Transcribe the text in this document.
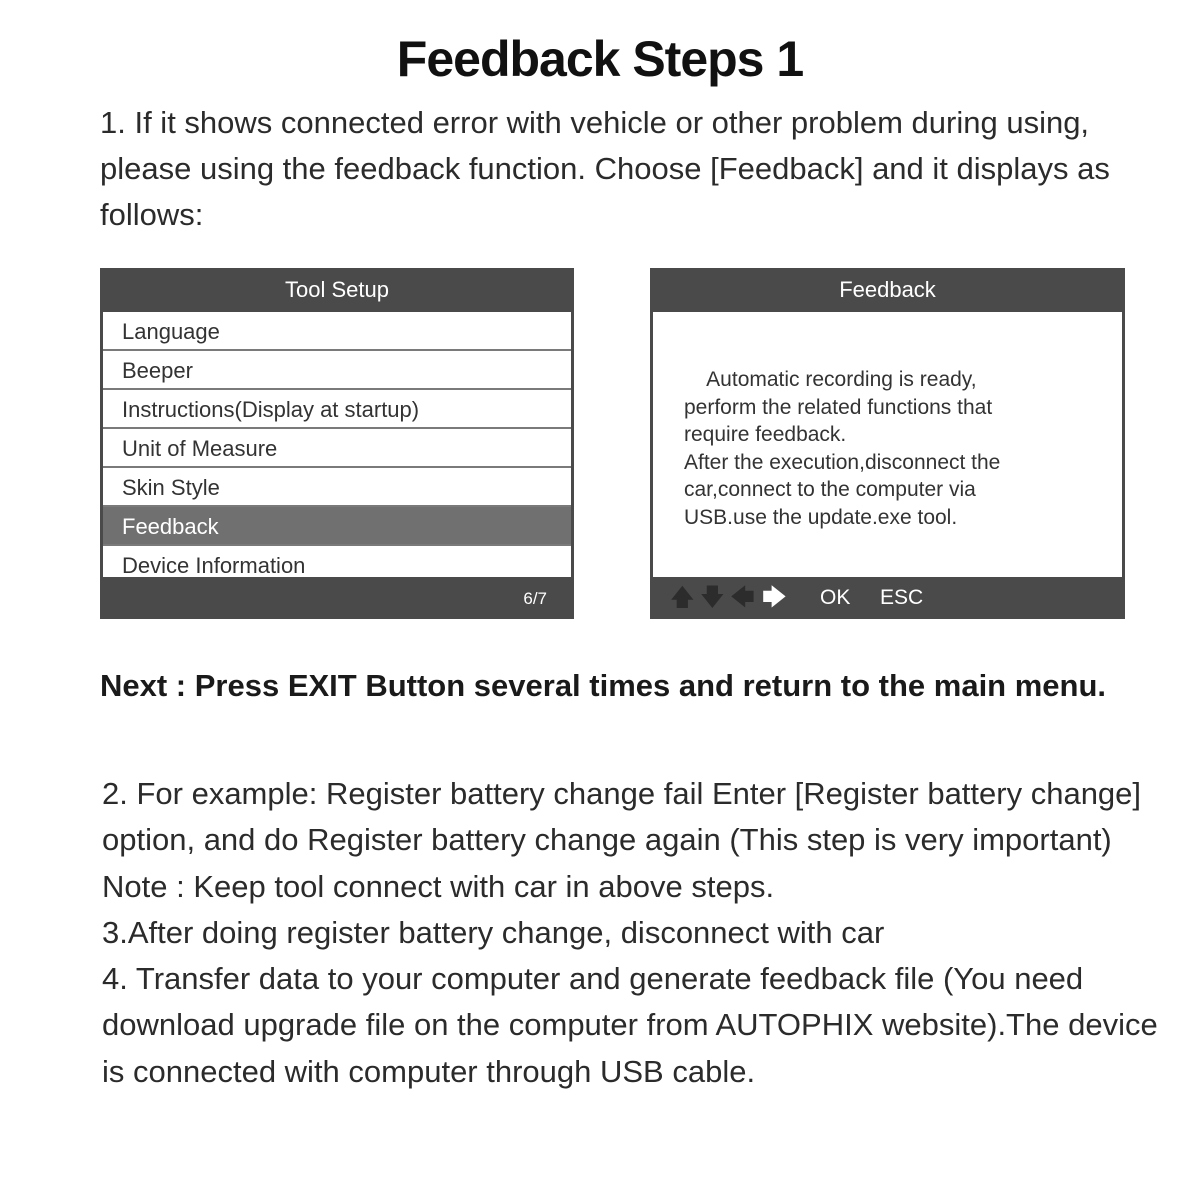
Feedback Steps 1
1. If it shows connected error with vehicle or other problem during using, please using the feedback function. Choose [Feedback] and it displays as follows:
Tool Setup
Language
Beeper
Instructions(Display at startup)
Unit of Measure
Skin Style
Feedback
Device Information
6/7
Feedback
Automatic recording is ready,
perform the related functions that
require feedback.
After the execution,disconnect the
car,connect to the computer via
USB.use the update.exe tool.
🡅 🡇 🡄 🡆 OK ESC
Next : Press EXIT Button several times and return to the main menu.

2. For example: Register battery change fail Enter [Register battery change] option, and do Register battery change again (This step is very important)

Note : Keep tool connect with car in above steps.

3.After doing register battery change, disconnect with car

4. Transfer data to your computer and generate feedback file (You need download upgrade file on the computer from AUTOPHIX website).The device is connected with computer through USB cable.
